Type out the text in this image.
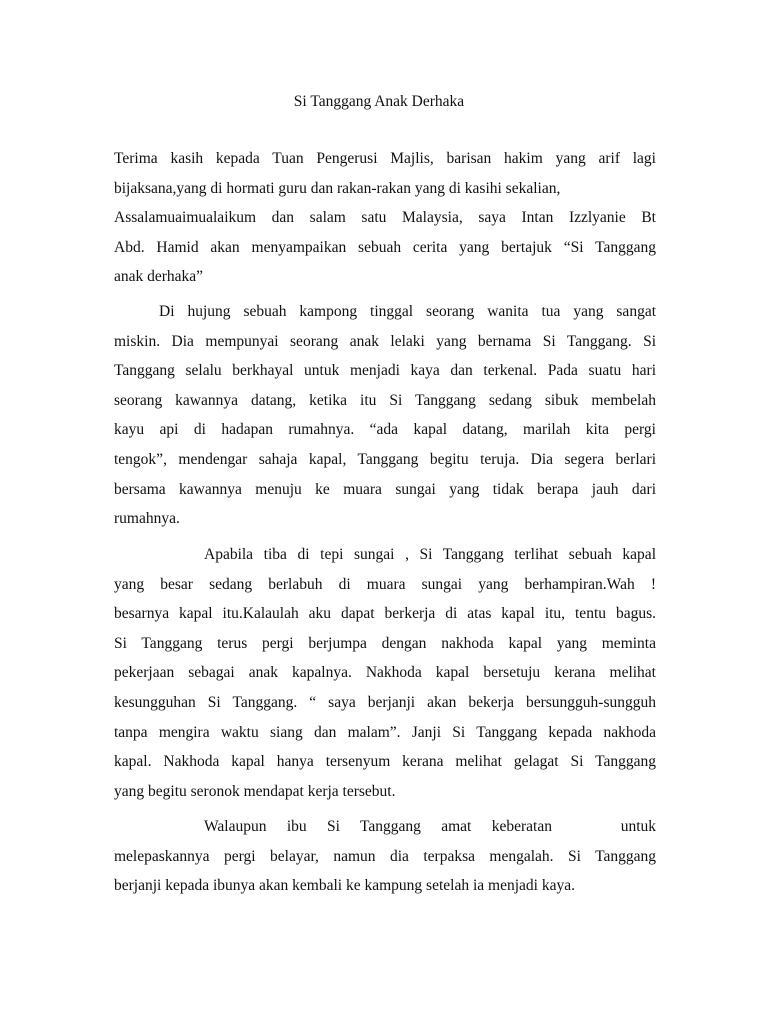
Si Tanggang Anak Derhaka
Terima kasih kepada Tuan Pengerusi Majlis, barisan hakim yang arif lagi
bijaksana,yang di hormati guru dan rakan-rakan yang di kasihi sekalian,
Assalamuaimualaikum dan salam satu Malaysia, saya Intan Izzlyanie Bt
Abd. Hamid akan menyampaikan sebuah cerita yang bertajuk “Si Tanggang
anak derhaka”
Di hujung sebuah kampong tinggal seorang wanita tua yang sangat
miskin. Dia mempunyai seorang anak lelaki yang bernama Si Tanggang. Si
Tanggang selalu berkhayal untuk menjadi kaya dan terkenal. Pada suatu hari
seorang kawannya datang, ketika itu Si Tanggang sedang sibuk membelah
kayu api di hadapan rumahnya. “ada kapal datang, marilah kita pergi
tengok”, mendengar sahaja kapal, Tanggang begitu teruja. Dia segera berlari
bersama kawannya menuju ke muara sungai yang tidak berapa jauh dari
rumahnya.
Apabila tiba di tepi sungai , Si Tanggang terlihat sebuah kapal
yang besar sedang berlabuh di muara sungai yang berhampiran.Wah !
besarnya kapal itu.Kalaulah aku dapat berkerja di atas kapal itu, tentu bagus.
Si Tanggang terus pergi berjumpa dengan nakhoda kapal yang meminta
pekerjaan sebagai anak kapalnya. Nakhoda kapal bersetuju kerana melihat
kesungguhan Si Tanggang. “ saya berjanji akan bekerja bersungguh-sungguh
tanpa mengira waktu siang dan malam”. Janji Si Tanggang kepada nakhoda
kapal. Nakhoda kapal hanya tersenyum kerana melihat gelagat Si Tanggang
yang begitu seronok mendapat kerja tersebut.
Walaupun ibu Si Tanggang amat keberatan	untuk
melepaskannya pergi belayar, namun dia terpaksa mengalah. Si Tanggang
berjanji kepada ibunya akan kembali ke kampung setelah ia menjadi kaya.
